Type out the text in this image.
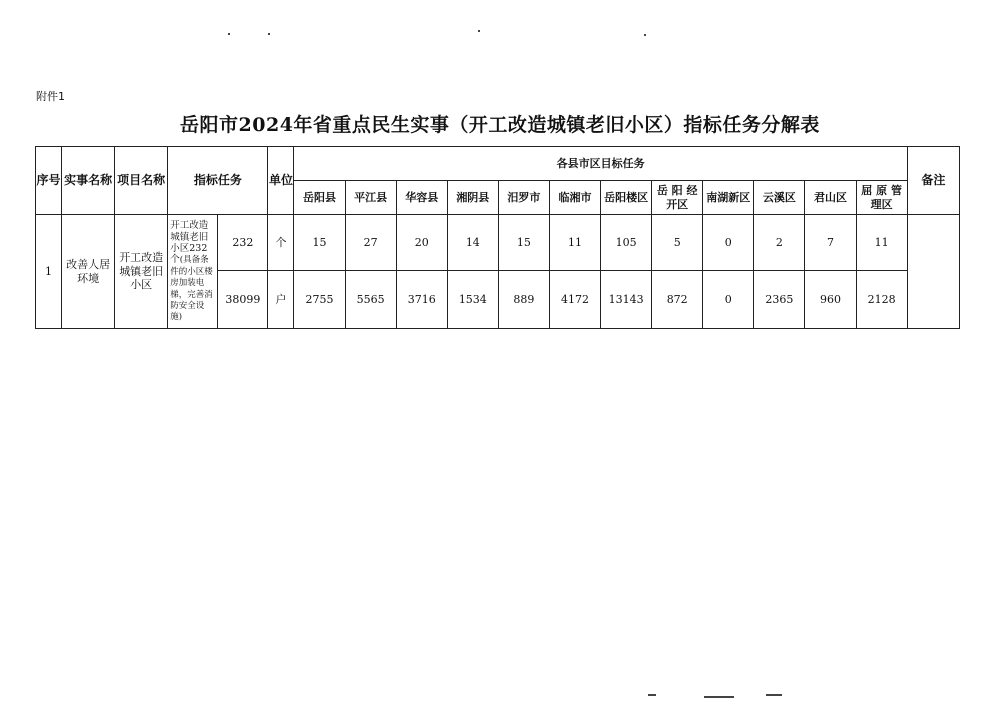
附件1
岳阳市2024年省重点民生实事（开工改造城镇老旧小区）指标任务分解表
序号	实事名称	项目名称	指标任务		单位	各县市区目标任务												备注
						岳阳县	平江县	华容县	湘阴县	汨罗市	临湘市	岳阳楼区	岳 阳 经开区	南湖新区	云溪区	君山区	屈 原 管理区	
1	改善人居环境	开工改造城镇老旧小区	开工改造城镇老旧小区232个(具备条件的小区楼房加装电梯，完善消防安全设施)	232	个	15	27	20	14	15	11	105	5	0	2	7	11	
				38099	户	2755	5565	3716	1534	889	4172	13143	872	0	2365	960	2128	
